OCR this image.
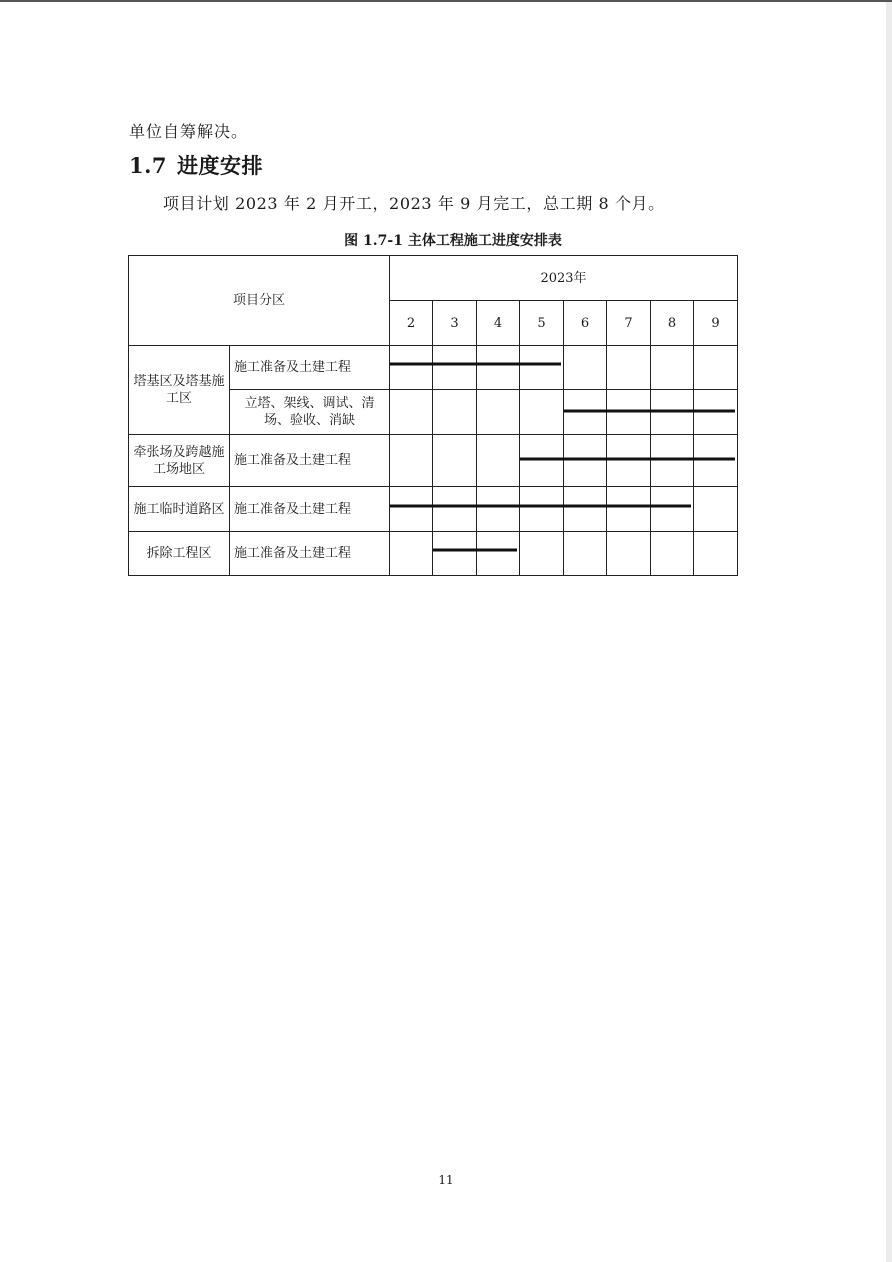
单位自筹解决。
1.7 进度安排
项目计划 2023 年 2 月开工，2023 年 9 月完工，总工期 8 个月。
图 1.7-1 主体工程施工进度安排表
项目分区		2023年							
		2	3	4	5	6	7	8	9
塔基区及塔基施工区	施工准备及土建工程								
	立塔、架线、调试、清场、验收、消缺								
牵张场及跨越施工场地区	施工准备及土建工程								
施工临时道路区	施工准备及土建工程								
拆除工程区	施工准备及土建工程								
11
